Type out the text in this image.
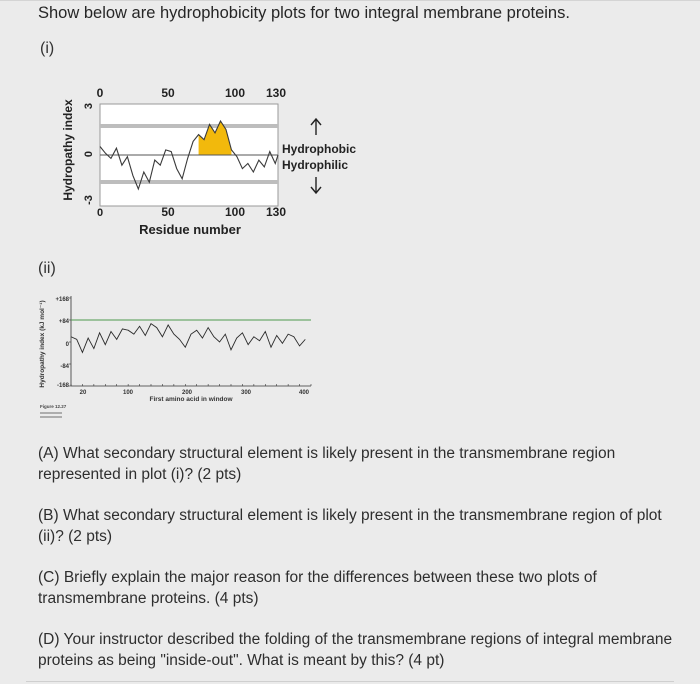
Show below are hydrophobicity plots for two integral membrane proteins.
(i)
Hydropathy index
0	50	100 130
3
0
-3
0	50	100 130
Residue number
Hydrophobic
Hydrophilic
(ii)
Hydropathy index (kJ mol⁻¹)
+168
+84
0
-84
-168
20	100	200	300	400
First amino acid in window
Figure 12.27
(A) What secondary structural element is likely present in the transmembrane region represented in plot (i)? (2 pts)
(B) What secondary structural element is likely present in the transmembrane region of plot (ii)? (2 pts)
(C) Briefly explain the major reason for the differences between these two plots of transmembrane proteins. (4 pts)
(D) Your instructor described the folding of the transmembrane regions of integral membrane proteins as being "inside-out". What is meant by this? (4 pt)
